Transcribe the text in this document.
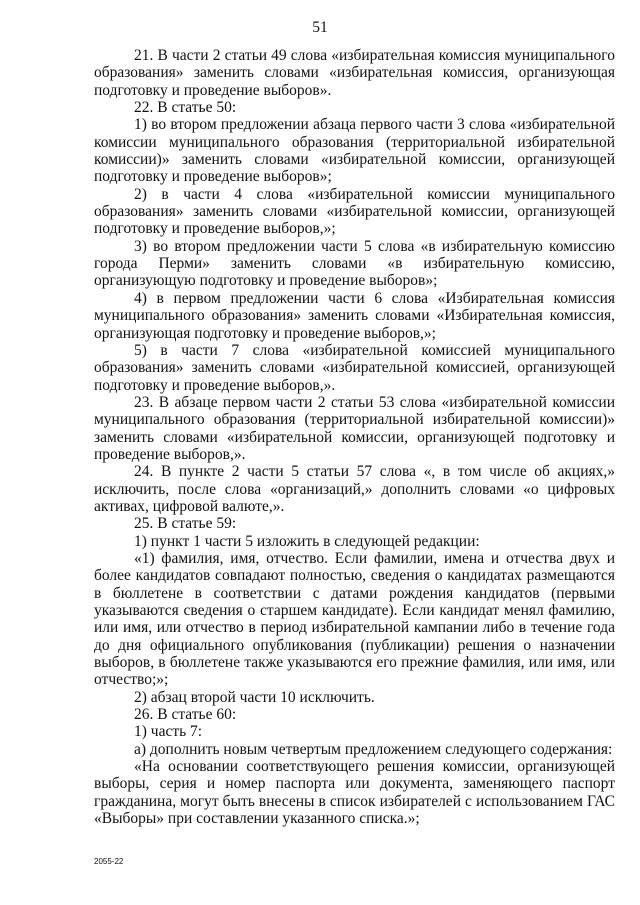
51

21. В части 2 статьи 49 слова «избирательная комиссия муниципального образования» заменить словами «избирательная комиссия, организующая подготовку и проведение выборов».

22. В статье 50:

1) во втором предложении абзаца первого части 3 слова «избирательной комиссии муниципального образования (территориальной избирательной комиссии)» заменить словами «избирательной комиссии, организующей подготовку и проведение выборов»;

2) в части 4 слова «избирательной комиссии муниципального образования» заменить словами «избирательной комиссии, организующей подготовку и проведение выборов,»;

3) во втором предложении части 5 слова «в избирательную комиссию города Перми» заменить словами «в избирательную комиссию, организующую подготовку и проведение выборов»;

4) в первом предложении части 6 слова «Избирательная комиссия муниципального образования» заменить словами «Избирательная комиссия, организующая подготовку и проведение выборов,»;

5) в части 7 слова «избирательной комиссией муниципального образования» заменить словами «избирательной комиссией, организующей подготовку и проведение выборов,».

23. В абзаце первом части 2 статьи 53 слова «избирательной комиссии муниципального образования (территориальной избирательной комиссии)» заменить словами «избирательной комиссии, организующей подготовку и проведение выборов,».

24. В пункте 2 части 5 статьи 57 слова «, в том числе об акциях,» исключить, после слова «организаций,» дополнить словами «о цифровых активах, цифровой валюте,».

25. В статье 59:

1) пункт 1 части 5 изложить в следующей редакции:

«1) фамилия, имя, отчество. Если фамилии, имена и отчества двух и более кандидатов совпадают полностью, сведения о кандидатах размещаются в бюллетене в соответствии с датами рождения кандидатов (первыми указываются сведения о старшем кандидате). Если кандидат менял фамилию, или имя, или отчество в период избирательной кампании либо в течение года до дня официального опубликования (публикации) решения о назначении выборов, в бюллетене также указываются его прежние фамилия, или имя, или отчество;»;

2) абзац второй части 10 исключить.

26. В статье 60:

1) часть 7:

а) дополнить новым четвертым предложением следующего содержания:

«На основании соответствующего решения комиссии, организующей выборы, серия и номер паспорта или документа, заменяющего паспорт гражданина, могут быть внесены в список избирателей с использованием ГАС «Выборы» при составлении указанного списка.»;

2055-22
